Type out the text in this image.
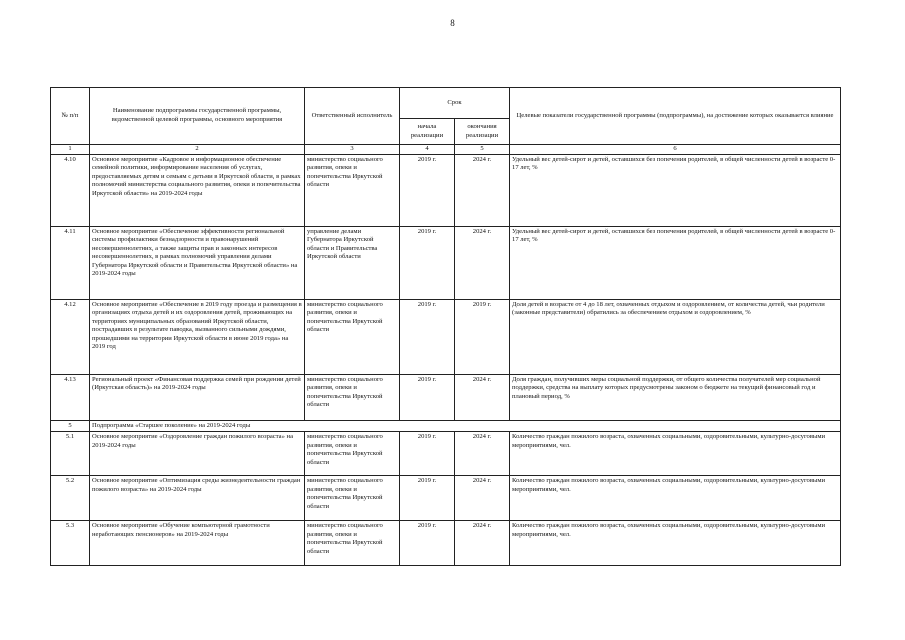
8
№ п/п	Наименование подпрограммы государственной программы, ведомственной целевой программы, основного мероприятия	Ответственный исполнитель	Срок		Целевые показатели государственной программы (подпрограммы), на достижение которых оказывается влияние
			начала реализации	окончания реализации	
1	2	3	4	5	6
4.10	Основное мероприятие «Кадровое и информационное обеспечение семейной политики, информирование населения об услугах, предоставляемых детям и семьям с детьми в Иркутской области, в рамках полномочий министерства социального развития, опеки и попечительства Иркутской области» на 2019-2024 годы	министерство социального развития, опеки и попечительства Иркутской области	2019 г.	2024 г.	Удельный вес детей-сирот и детей, оставшихся без попечения родителей, в общей численности детей в возрасте 0-17 лет, %
4.11	Основное мероприятие «Обеспечение эффективности региональной системы профилактики безнадзорности и правонарушений несовершеннолетних, а также защиты прав и законных интересов несовершеннолетних, в рамках полномочий управления делами Губернатора Иркутской области и Правительства Иркутской области» на 2019-2024 годы	управление делами Губернатора Иркутской области и Правительства Иркутской области	2019 г.	2024 г.	Удельный вес детей-сирот и детей, оставшихся без попечения родителей, в общей численности детей в возрасте 0-17 лет, %
4.12	Основное мероприятие «Обеспечение в 2019 году проезда и размещения в организациях отдыха детей и их оздоровления детей, проживающих на территориях муниципальных образований Иркутской области, пострадавших в результате паводка, вызванного сильными дождями, прошедшими на территории Иркутской области в июне 2019 года» на 2019 год	министерство социального развития, опеки и попечительства Иркутской области	2019 г.	2019 г.	Доля детей в возрасте от 4 до 18 лет, охваченных отдыхом и оздоровлением, от количества детей, чьи родители (законные представители) обратились за обеспечением отдыхом и оздоровлением, %
4.13	Региональный проект «Финансовая поддержка семей при рождении детей (Иркутская область)» на 2019-2024 годы	министерство социального развития, опеки и попечительства Иркутской области	2019 г.	2024 г.	Доля граждан, получивших меры социальной поддержки, от общего количества получателей мер социальной поддержки, средства на выплату которых предусмотрены законом о бюджете на текущий финансовый год и плановый период, %
5	Подпрограмма «Старшее поколение» на 2019-2024 годы				
5.1	Основное мероприятие «Оздоровление граждан пожилого возраста» на 2019-2024 годы	министерство социального развития, опеки и попечительства Иркутской области	2019 г.	2024 г.	Количество граждан пожилого возраста, охваченных социальными, оздоровительными, культурно-досуговыми мероприятиями, чел.
5.2	Основное мероприятие «Оптимизация среды жизнедеятельности граждан пожилого возраста» на 2019-2024 годы	министерство социального развития, опеки и попечительства Иркутской области	2019 г.	2024 г.	Количество граждан пожилого возраста, охваченных социальными, оздоровительными, культурно-досуговыми мероприятиями, чел.
5.3	Основное мероприятие «Обучение компьютерной грамотности неработающих пенсионеров» на 2019-2024 годы	министерство социального развития, опеки и попечительства Иркутской области	2019 г.	2024 г.	Количество граждан пожилого возраста, охваченных социальными, оздоровительными, культурно-досуговыми мероприятиями, чел.
